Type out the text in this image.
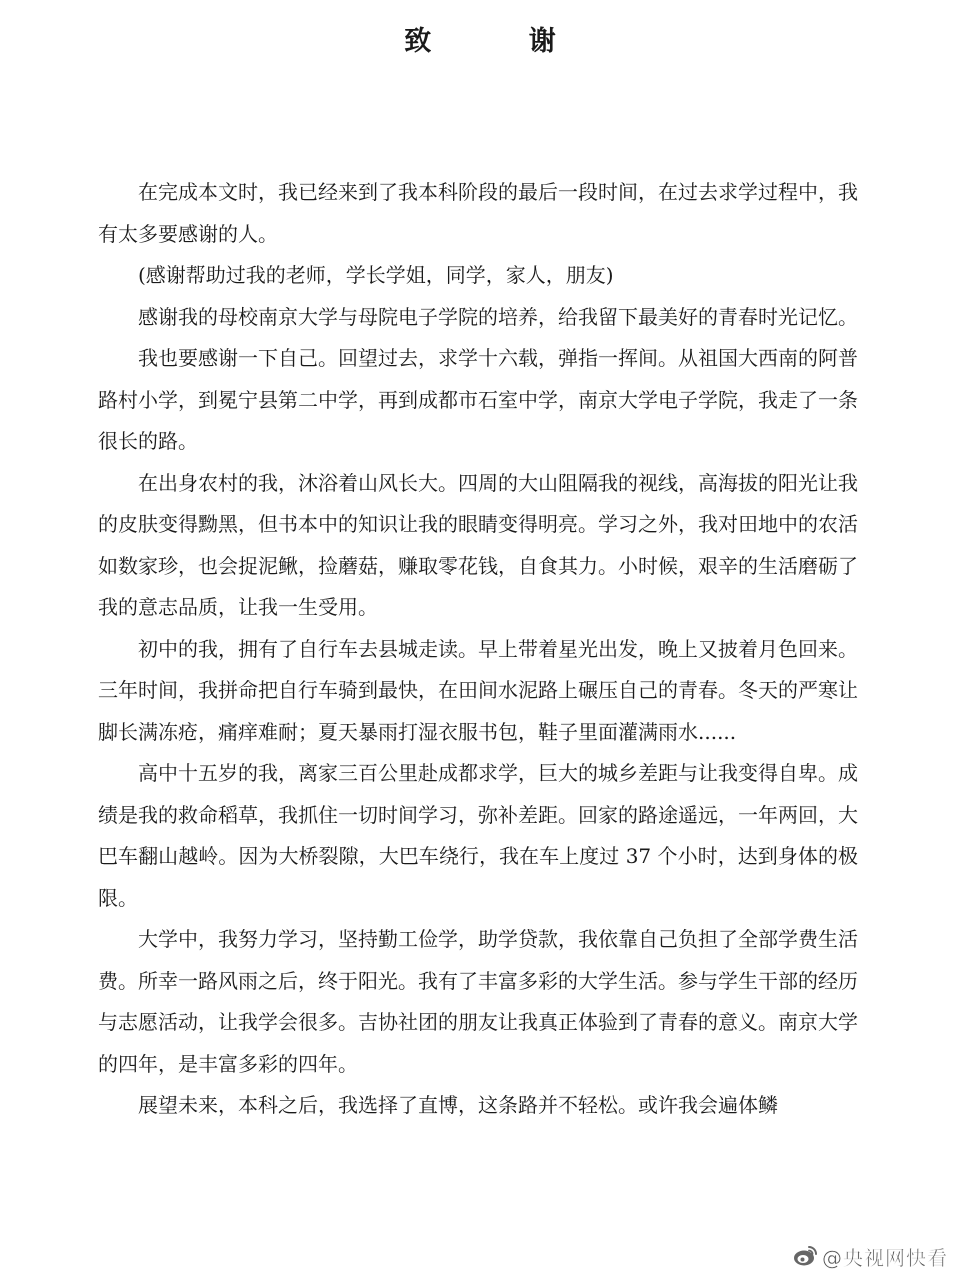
致 谢

在完成本文时，我已经来到了我本科阶段的最后一段时间，在过去求学过程中，我有太多要感谢的人。

(感谢帮助过我的老师，学长学姐，同学，家人，朋友)

感谢我的母校南京大学与母院电子学院的培养，给我留下最美好的青春时光记忆。

我也要感谢一下自己。回望过去，求学十六载，弹指一挥间。从祖国大西南的阿普路村小学，到冕宁县第二中学，再到成都市石室中学，南京大学电子学院，我走了一条很长的路。

在出身农村的我，沐浴着山风长大。四周的大山阻隔我的视线，高海拔的阳光让我的皮肤变得黝黑，但书本中的知识让我的眼睛变得明亮。学习之外，我对田地中的农活如数家珍，也会捉泥鳅，捡蘑菇，赚取零花钱，自食其力。小时候，艰辛的生活磨砺了我的意志品质，让我一生受用。

初中的我，拥有了自行车去县城走读。早上带着星光出发，晚上又披着月色回来。三年时间，我拼命把自行车骑到最快，在田间水泥路上碾压自己的青春。冬天的严寒让脚长满冻疮，痛痒难耐；夏天暴雨打湿衣服书包，鞋子里面灌满雨水......

高中十五岁的我，离家三百公里赴成都求学，巨大的城乡差距与让我变得自卑。成绩是我的救命稻草，我抓住一切时间学习，弥补差距。回家的路途遥远，一年两回，大巴车翻山越岭。因为大桥裂隙，大巴车绕行，我在车上度过 37 个小时，达到身体的极限。

大学中，我努力学习，坚持勤工俭学，助学贷款，我依靠自己负担了全部学费生活费。所幸一路风雨之后，终于阳光。我有了丰富多彩的大学生活。参与学生干部的经历与志愿活动，让我学会很多。吉协社团的朋友让我真正体验到了青春的意义。南京大学的四年，是丰富多彩的四年。

展望未来，本科之后，我选择了直博，这条路并不轻松。或许我会遍体鳞

@央视网快看
